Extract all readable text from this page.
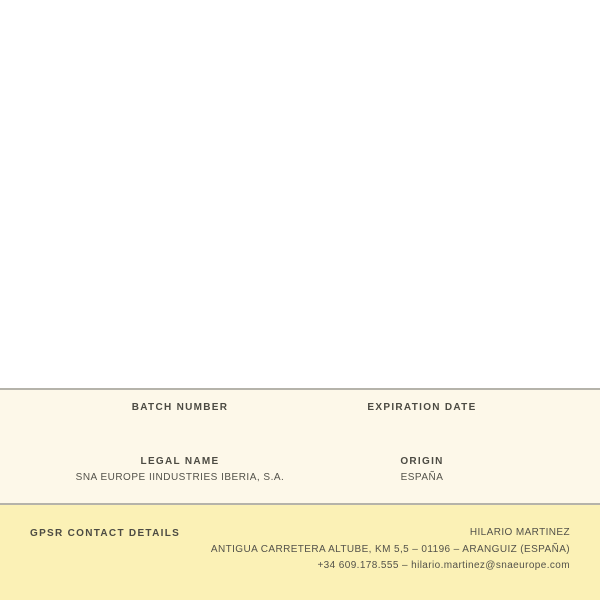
BATCH NUMBER	EXPIRATION DATE
LEGAL NAME
SNA EUROPE IINDUSTRIES IBERIA, S.A.
ORIGIN
ESPAÑA
GPSR CONTACT DETAILS	HILARIO MARTINEZ
ANTIGUA CARRETERA ALTUBE, KM 5,5 – 01196 – ARANGUIZ (ESPAÑA)
+34 609.178.555 – hilario.martinez@snaeurope.com
